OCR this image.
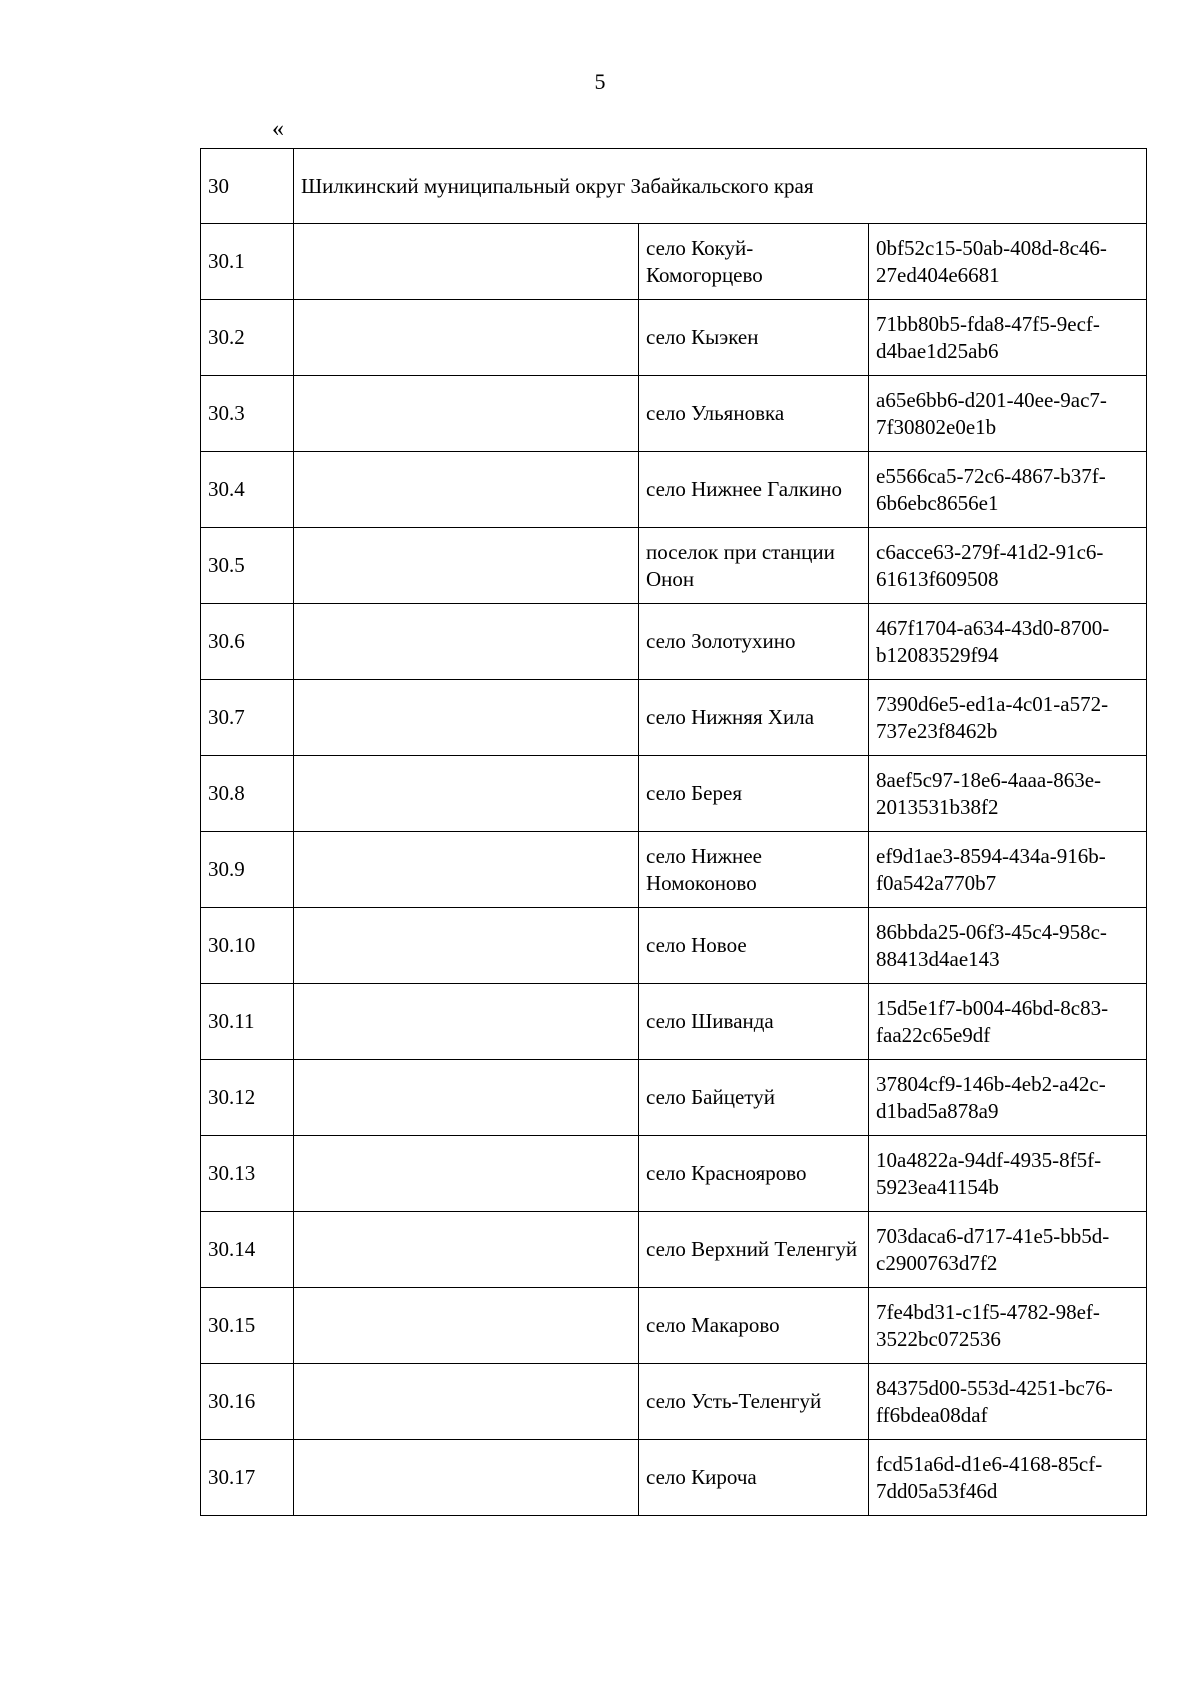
5
«
30	Шилкинский муниципальный округ Забайкальского края		
30.1		село Кокуй-Комогорцево	0bf52c15-50ab-408d-8c46-27ed404e6681
30.2		село Кыэкен	71bb80b5-fda8-47f5-9ecf-d4bae1d25ab6
30.3		село Ульяновка	a65e6bb6-d201-40ee-9ac7-7f30802e0e1b
30.4		село Нижнее Галкино	e5566ca5-72c6-4867-b37f-6b6ebc8656e1
30.5		поселок при станции Онон	c6acce63-279f-41d2-91c6-61613f609508
30.6		село Золотухино	467f1704-a634-43d0-8700-b12083529f94
30.7		село Нижняя Хила	7390d6e5-ed1a-4c01-a572-737e23f8462b
30.8		село Берея	8aef5c97-18e6-4aaa-863e-2013531b38f2
30.9		село Нижнее Номоконово	ef9d1ae3-8594-434a-916b-f0a542a770b7
30.10		село Новое	86bbda25-06f3-45c4-958c-88413d4ae143
30.11		село Шиванда	15d5e1f7-b004-46bd-8c83-faa22c65e9df
30.12		село Байцетуй	37804cf9-146b-4eb2-a42c-d1bad5a878a9
30.13		село Красноярово	10a4822a-94df-4935-8f5f-5923ea41154b
30.14		село Верхний Теленгуй	703daca6-d717-41e5-bb5d-c2900763d7f2
30.15		село Макарово	7fe4bd31-c1f5-4782-98ef-3522bc072536
30.16		село Усть-Теленгуй	84375d00-553d-4251-bc76-ff6bdea08daf
30.17		село Кироча	fcd51a6d-d1e6-4168-85cf-7dd05a53f46d
